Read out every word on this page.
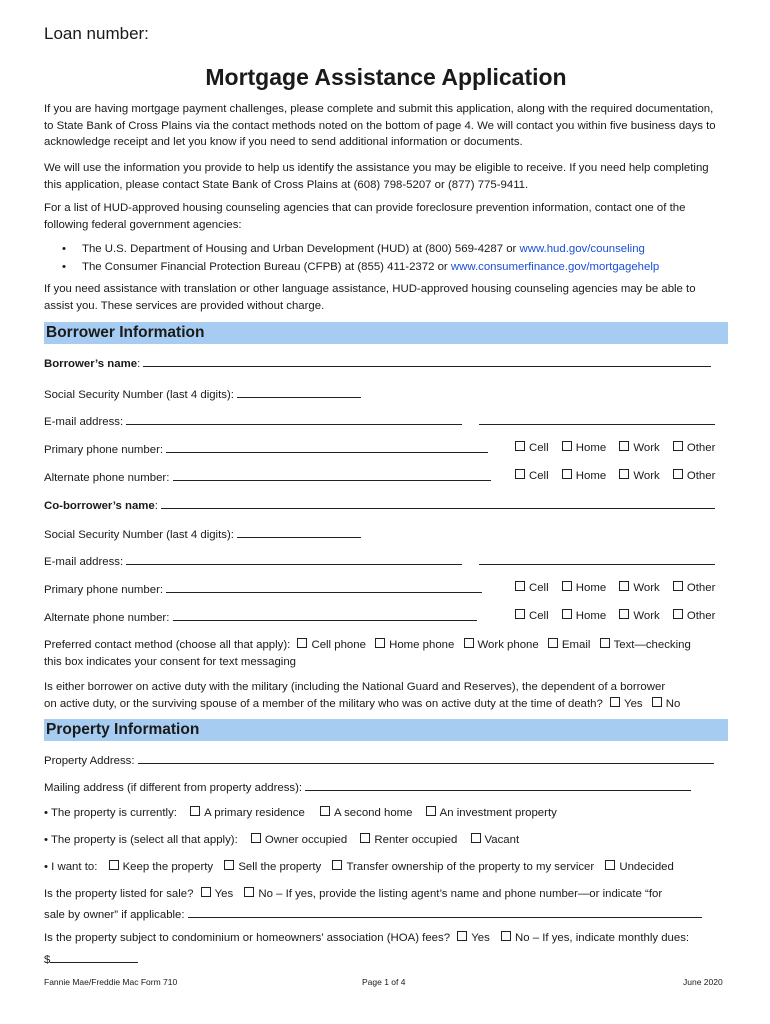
Loan number:
Mortgage Assistance Application
If you are having mortgage payment challenges, please complete and submit this application, along with the required documentation, to State Bank of Cross Plains via the contact methods noted on the bottom of page 4. We will contact you within five business days to acknowledge receipt and let you know if you need to send additional information or documents.
We will use the information you provide to help us identify the assistance you may be eligible to receive. If you need help completing this application, please contact State Bank of Cross Plains at (608) 798-5207 or (877) 775-9411.
For a list of HUD-approved housing counseling agencies that can provide foreclosure prevention information, contact one of the following federal government agencies:
• The U.S. Department of Housing and Urban Development (HUD) at (800) 569-4287 or www.hud.gov/counseling
• The Consumer Financial Protection Bureau (CFPB) at (855) 411-2372 or www.consumerfinance.gov/mortgagehelp
If you need assistance with translation or other language assistance, HUD-approved housing counseling agencies may be able to assist you. These services are provided without charge.
Borrower Information
Borrower’s name:
Social Security Number (last 4 digits):
E-mail address:
Primary phone number:	Cell Home Work Other
Alternate phone number:	Cell Home Work Other
Co-borrower’s name:
Social Security Number (last 4 digits):
E-mail address:
Primary phone number:	Cell Home Work Other
Alternate phone number:	Cell Home Work Other
Preferred contact method (choose all that apply): Cell phone Home phone Work phone Email Text—checking
this box indicates your consent for text messaging
Is either borrower on active duty with the military (including the National Guard and Reserves), the dependent of a borrower
on active duty, or the surviving spouse of a member of the military who was on active duty at the time of death? Yes No
Property Information
Property Address:
Mailing address (if different from property address):
• The property is currently: A primary residence	A second home An investment property
• The property is (select all that apply): Owner occupied Renter occupied Vacant
• I want to: Keep the property Sell the property Transfer ownership of the property to my servicer Undecided
Is the property listed for sale? Yes No – If yes, provide the listing agent’s name and phone number—or indicate “for
sale by owner” if applicable:
Is the property subject to condominium or homeowners’ association (HOA) fees? Yes No – If yes, indicate monthly dues:
$
Fannie Mae/Freddie Mac Form 710	Page 1 of 4	June 2020
